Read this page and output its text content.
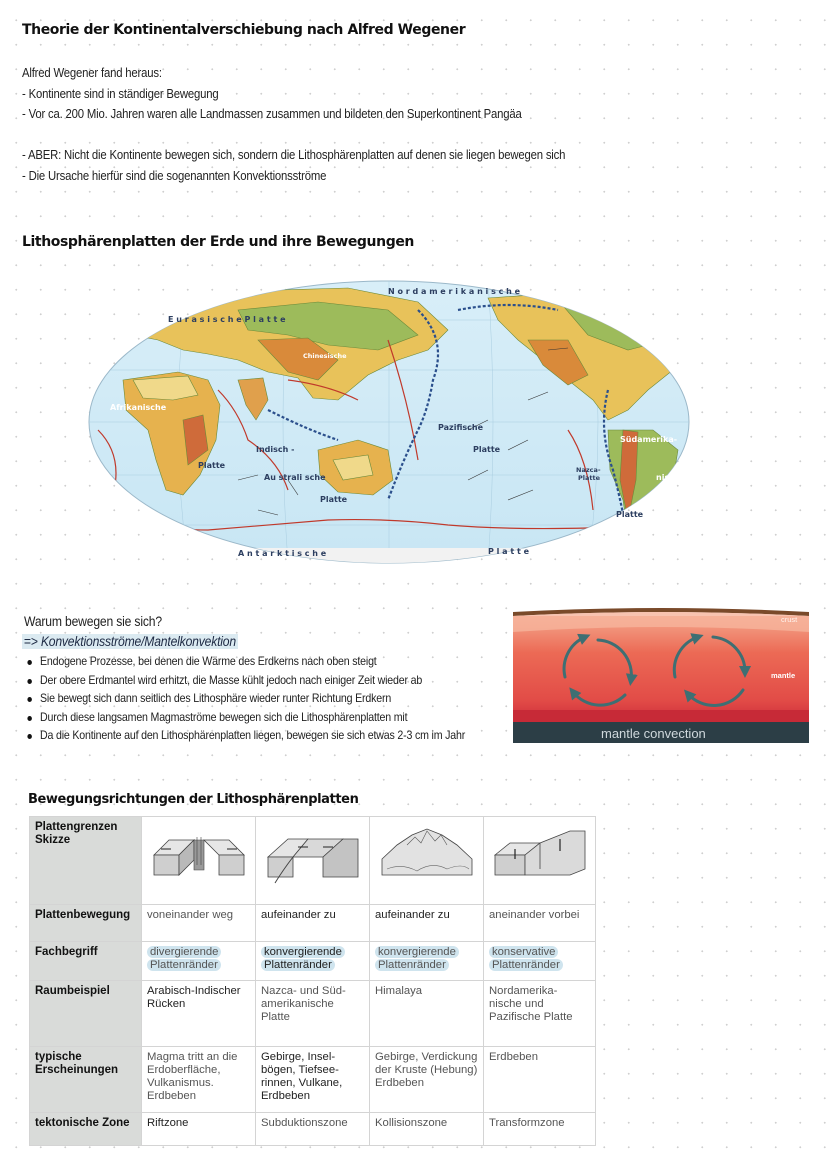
Theorie der Kontinentalverschiebung nach Alfred Wegener
Alfred Wegener fand heraus:
- Kontinente sind in ständiger Bewegung
- Vor ca. 200 Mio. Jahren waren alle Landmassen zusammen und bildeten den Superkontinent Pangäa
- ABER: Nicht die Kontinente bewegen sich, sondern die Lithosphärenplatten auf denen sie liegen bewegen sich
- Die Ursache hierfür sind die sogenannten Konvektionsströme
Lithosphärenplatten der Erde und ihre Bewegungen
N o r d a m e r i k a n i s c h e
E u r a s i s c h e P l a t t e
Afrikanische
Platte
Indisch -
Au strali sche
Platte
Pazifische
Platte
Südamerika-
nische
Platte
A n t a r k t i s c h e	P l a t t e
Nazca-
Platte
Chinesische
Warum bewegen sie sich?
=> Konvektionsströme/Mantelkonvektion
Endogene Prozesse, bei denen die Wärme des Erdkerns nach oben steigt
Der obere Erdmantel wird erhitzt, die Masse kühlt jedoch nach einiger Zeit wieder ab
Sie bewegt sich dann seitlich des Lithosphäre wieder runter Richtung Erdkern
Durch diese langsamen Magmaströme bewegen sich die Lithosphärenplatten mit
Da die Kontinente auf den Lithosphärenplatten liegen, bewegen sie sich etwas 2-3 cm im Jahr
crust
mantle
mantle convection
Bewegungsrichtungen der Lithosphärenplatten
Plattengrenzen
Skizze

Plattenbewegung	voneinander weg	aufeinander zu	aufeinander zu	aneinander vorbei
Fachbegriff	divergierende Plattenränder	konvergierende Plattenränder	konvergierende Plattenränder	konservative Plattenränder
Raumbeispiel	Arabisch-Indischer Rücken	Nazca- und Süd-amerikanische Platte	Himalaya	Nordamerika-nische und Pazifische Platte
typische Erscheinungen	Magma tritt an die Erdoberfläche, Vulkanismus. Erdbeben	Gebirge, Insel-bögen, Tiefsee-rinnen, Vulkane, Erdbeben	Gebirge, Verdickung der Kruste (Hebung) Erdbeben	Erdbeben
tektonische Zone	Riftzone	Subduktionszone	Kollisionszone	Transformzone
